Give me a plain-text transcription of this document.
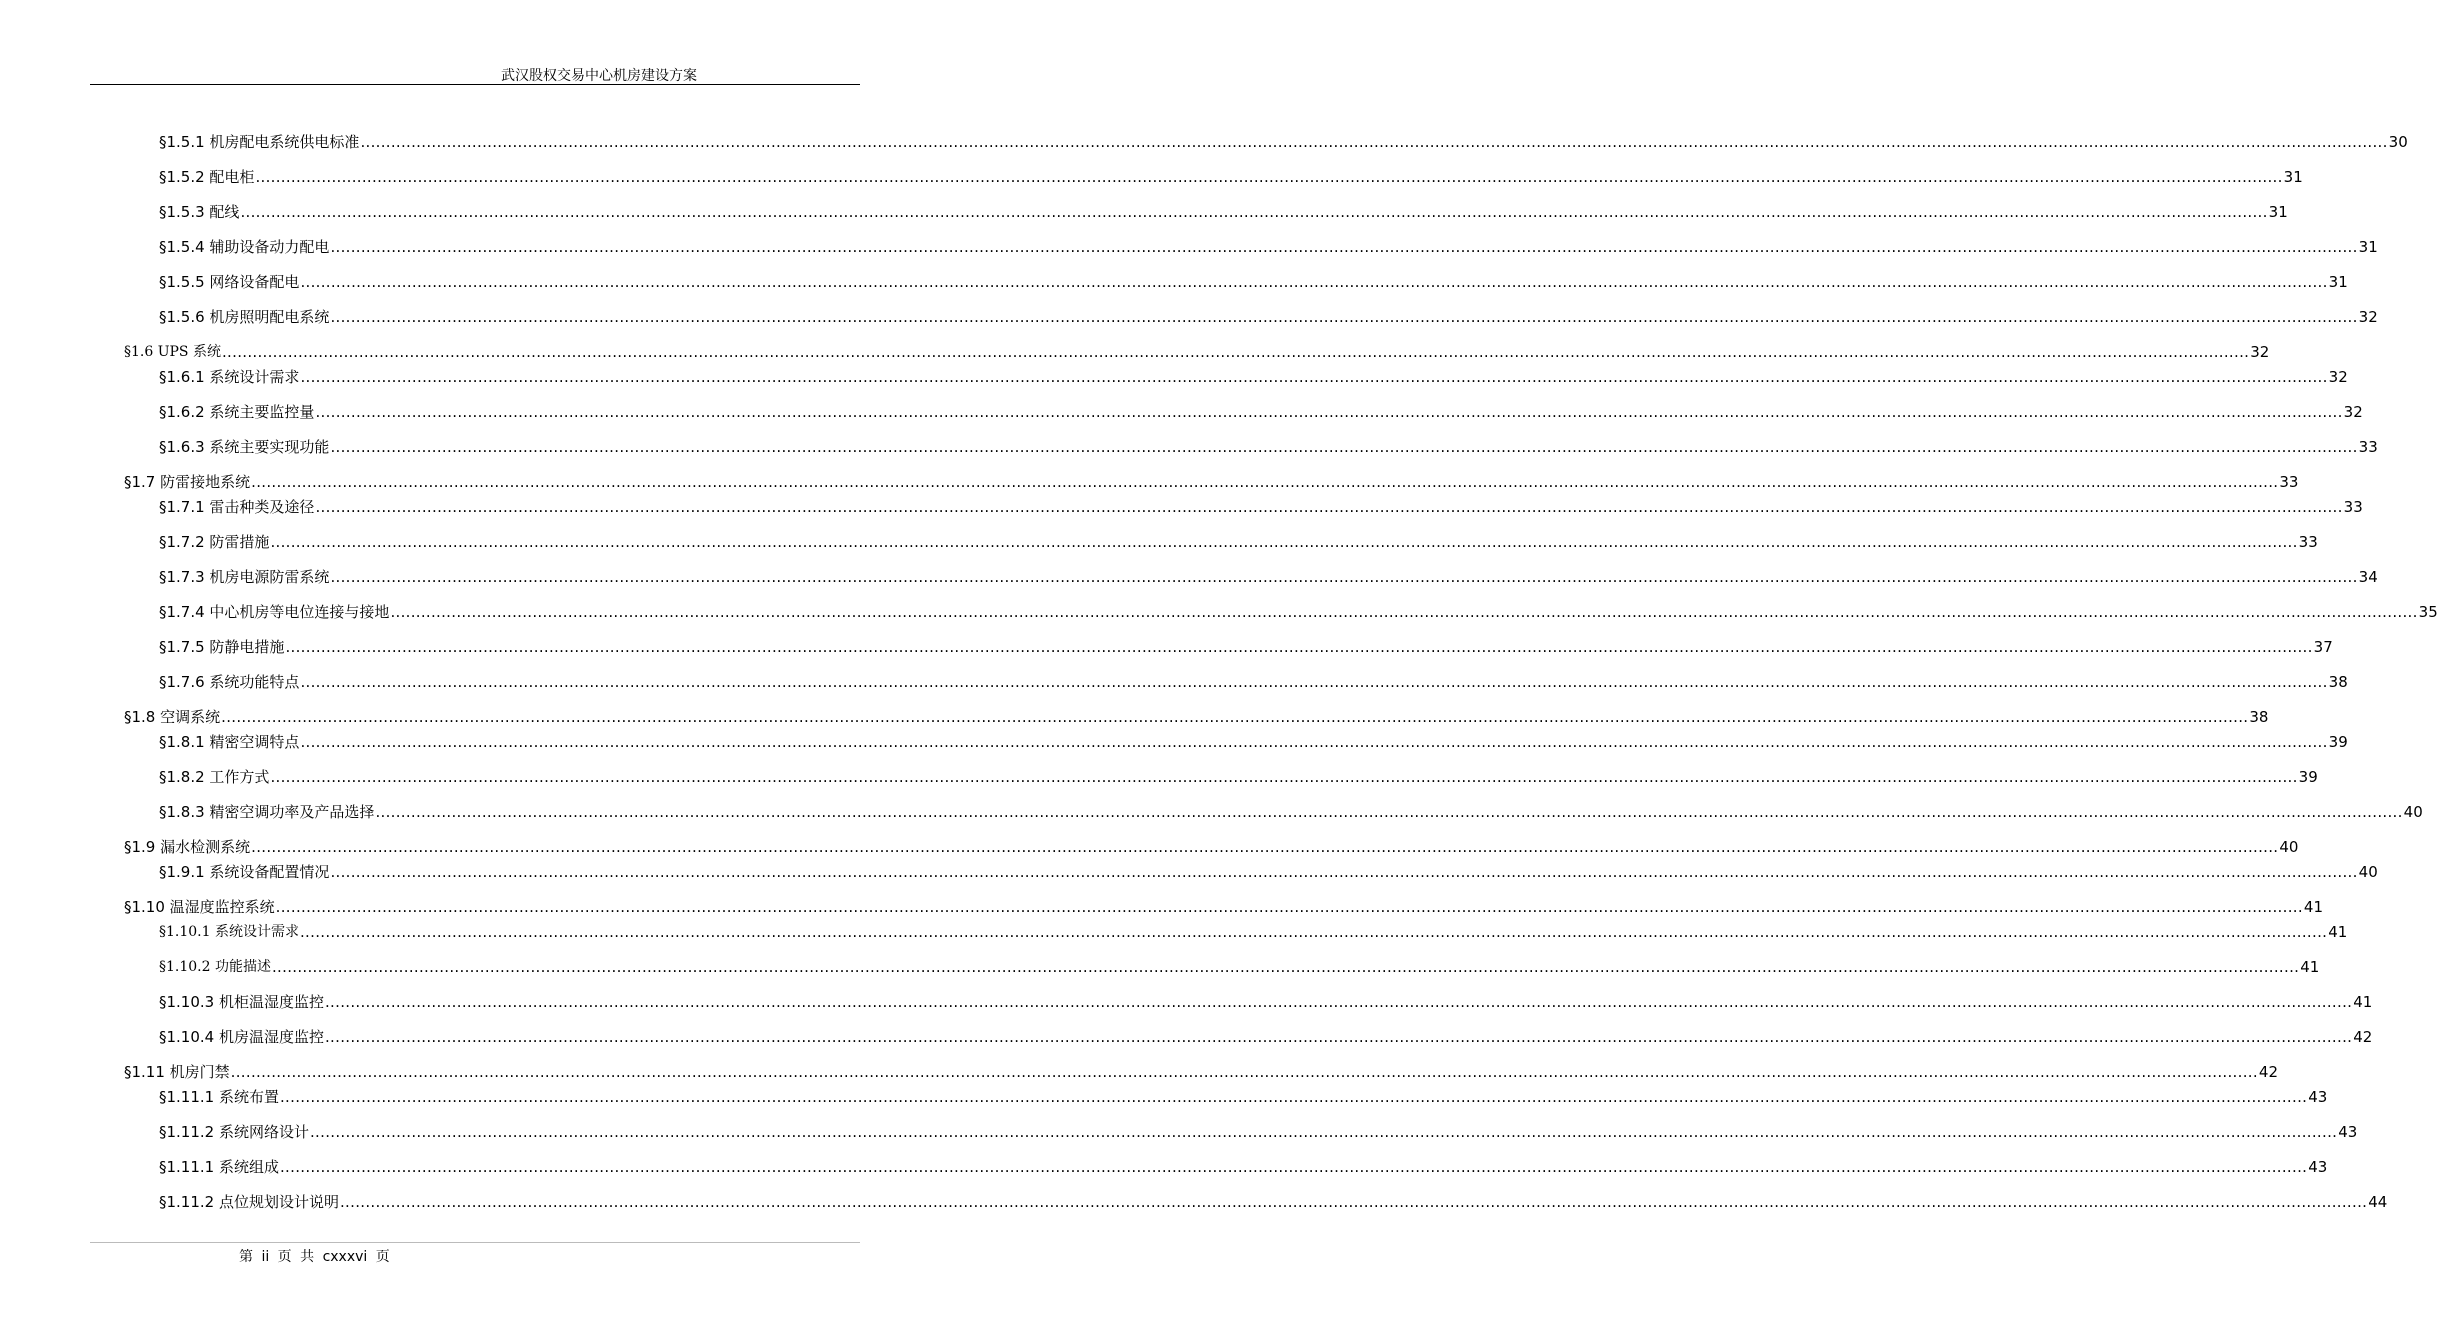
武汉股权交易中心机房建设方案
§1.5.1 机房配电系统供电标准 ................................................................................................................................................................................................................................................................................................................................................................................................................ 30
§1.5.2 配电柜 ................................................................................................................................................................................................................................................................................................................................................................................................................ 31
§1.5.3 配线 ................................................................................................................................................................................................................................................................................................................................................................................................................ 31
§1.5.4 辅助设备动力配电 ................................................................................................................................................................................................................................................................................................................................................................................................................ 31
§1.5.5 网络设备配电 ................................................................................................................................................................................................................................................................................................................................................................................................................ 31
§1.5.6 机房照明配电系统 ................................................................................................................................................................................................................................................................................................................................................................................................................ 32
§1.6 UPS 系统 ................................................................................................................................................................................................................................................................................................................................................................................................................ 32
§1.6.1 系统设计需求 ................................................................................................................................................................................................................................................................................................................................................................................................................ 32
§1.6.2 系统主要监控量 ................................................................................................................................................................................................................................................................................................................................................................................................................ 32
§1.6.3 系统主要实现功能 ................................................................................................................................................................................................................................................................................................................................................................................................................ 33
§1.7 防雷接地系统 ................................................................................................................................................................................................................................................................................................................................................................................................................ 33
§1.7.1 雷击种类及途径 ................................................................................................................................................................................................................................................................................................................................................................................................................ 33
§1.7.2 防雷措施 ................................................................................................................................................................................................................................................................................................................................................................................................................ 33
§1.7.3 机房电源防雷系统 ................................................................................................................................................................................................................................................................................................................................................................................................................ 34
§1.7.4 中心机房等电位连接与接地 ................................................................................................................................................................................................................................................................................................................................................................................................................ 35
§1.7.5 防静电措施 ................................................................................................................................................................................................................................................................................................................................................................................................................ 37
§1.7.6 系统功能特点 ................................................................................................................................................................................................................................................................................................................................................................................................................ 38
§1.8 空调系统 ................................................................................................................................................................................................................................................................................................................................................................................................................ 38
§1.8.1 精密空调特点 ................................................................................................................................................................................................................................................................................................................................................................................................................ 39
§1.8.2 工作方式 ................................................................................................................................................................................................................................................................................................................................................................................................................ 39
§1.8.3 精密空调功率及产品选择 ................................................................................................................................................................................................................................................................................................................................................................................................................ 40
§1.9 漏水检测系统 ................................................................................................................................................................................................................................................................................................................................................................................................................ 40
§1.9.1 系统设备配置情况 ................................................................................................................................................................................................................................................................................................................................................................................................................ 40
§1.10 温湿度监控系统 ................................................................................................................................................................................................................................................................................................................................................................................................................ 41
§1.10.1 系统设计需求 ................................................................................................................................................................................................................................................................................................................................................................................................................ 41
§1.10.2 功能描述 ................................................................................................................................................................................................................................................................................................................................................................................................................ 41
§1.10.3 机柜温湿度监控 ................................................................................................................................................................................................................................................................................................................................................................................................................ 41
§1.10.4 机房温湿度监控 ................................................................................................................................................................................................................................................................................................................................................................................................................ 42
§1.11 机房门禁 ................................................................................................................................................................................................................................................................................................................................................................................................................ 42
§1.11.1 系统布置 ................................................................................................................................................................................................................................................................................................................................................................................................................ 43
§1.11.2 系统网络设计 ................................................................................................................................................................................................................................................................................................................................................................................................................ 43
§1.11.1 系统组成 ................................................................................................................................................................................................................................................................................................................................................................................................................ 43
§1.11.2 点位规划设计说明 ................................................................................................................................................................................................................................................................................................................................................................................................................ 44
第 ii 页 共 cxxxvi 页
